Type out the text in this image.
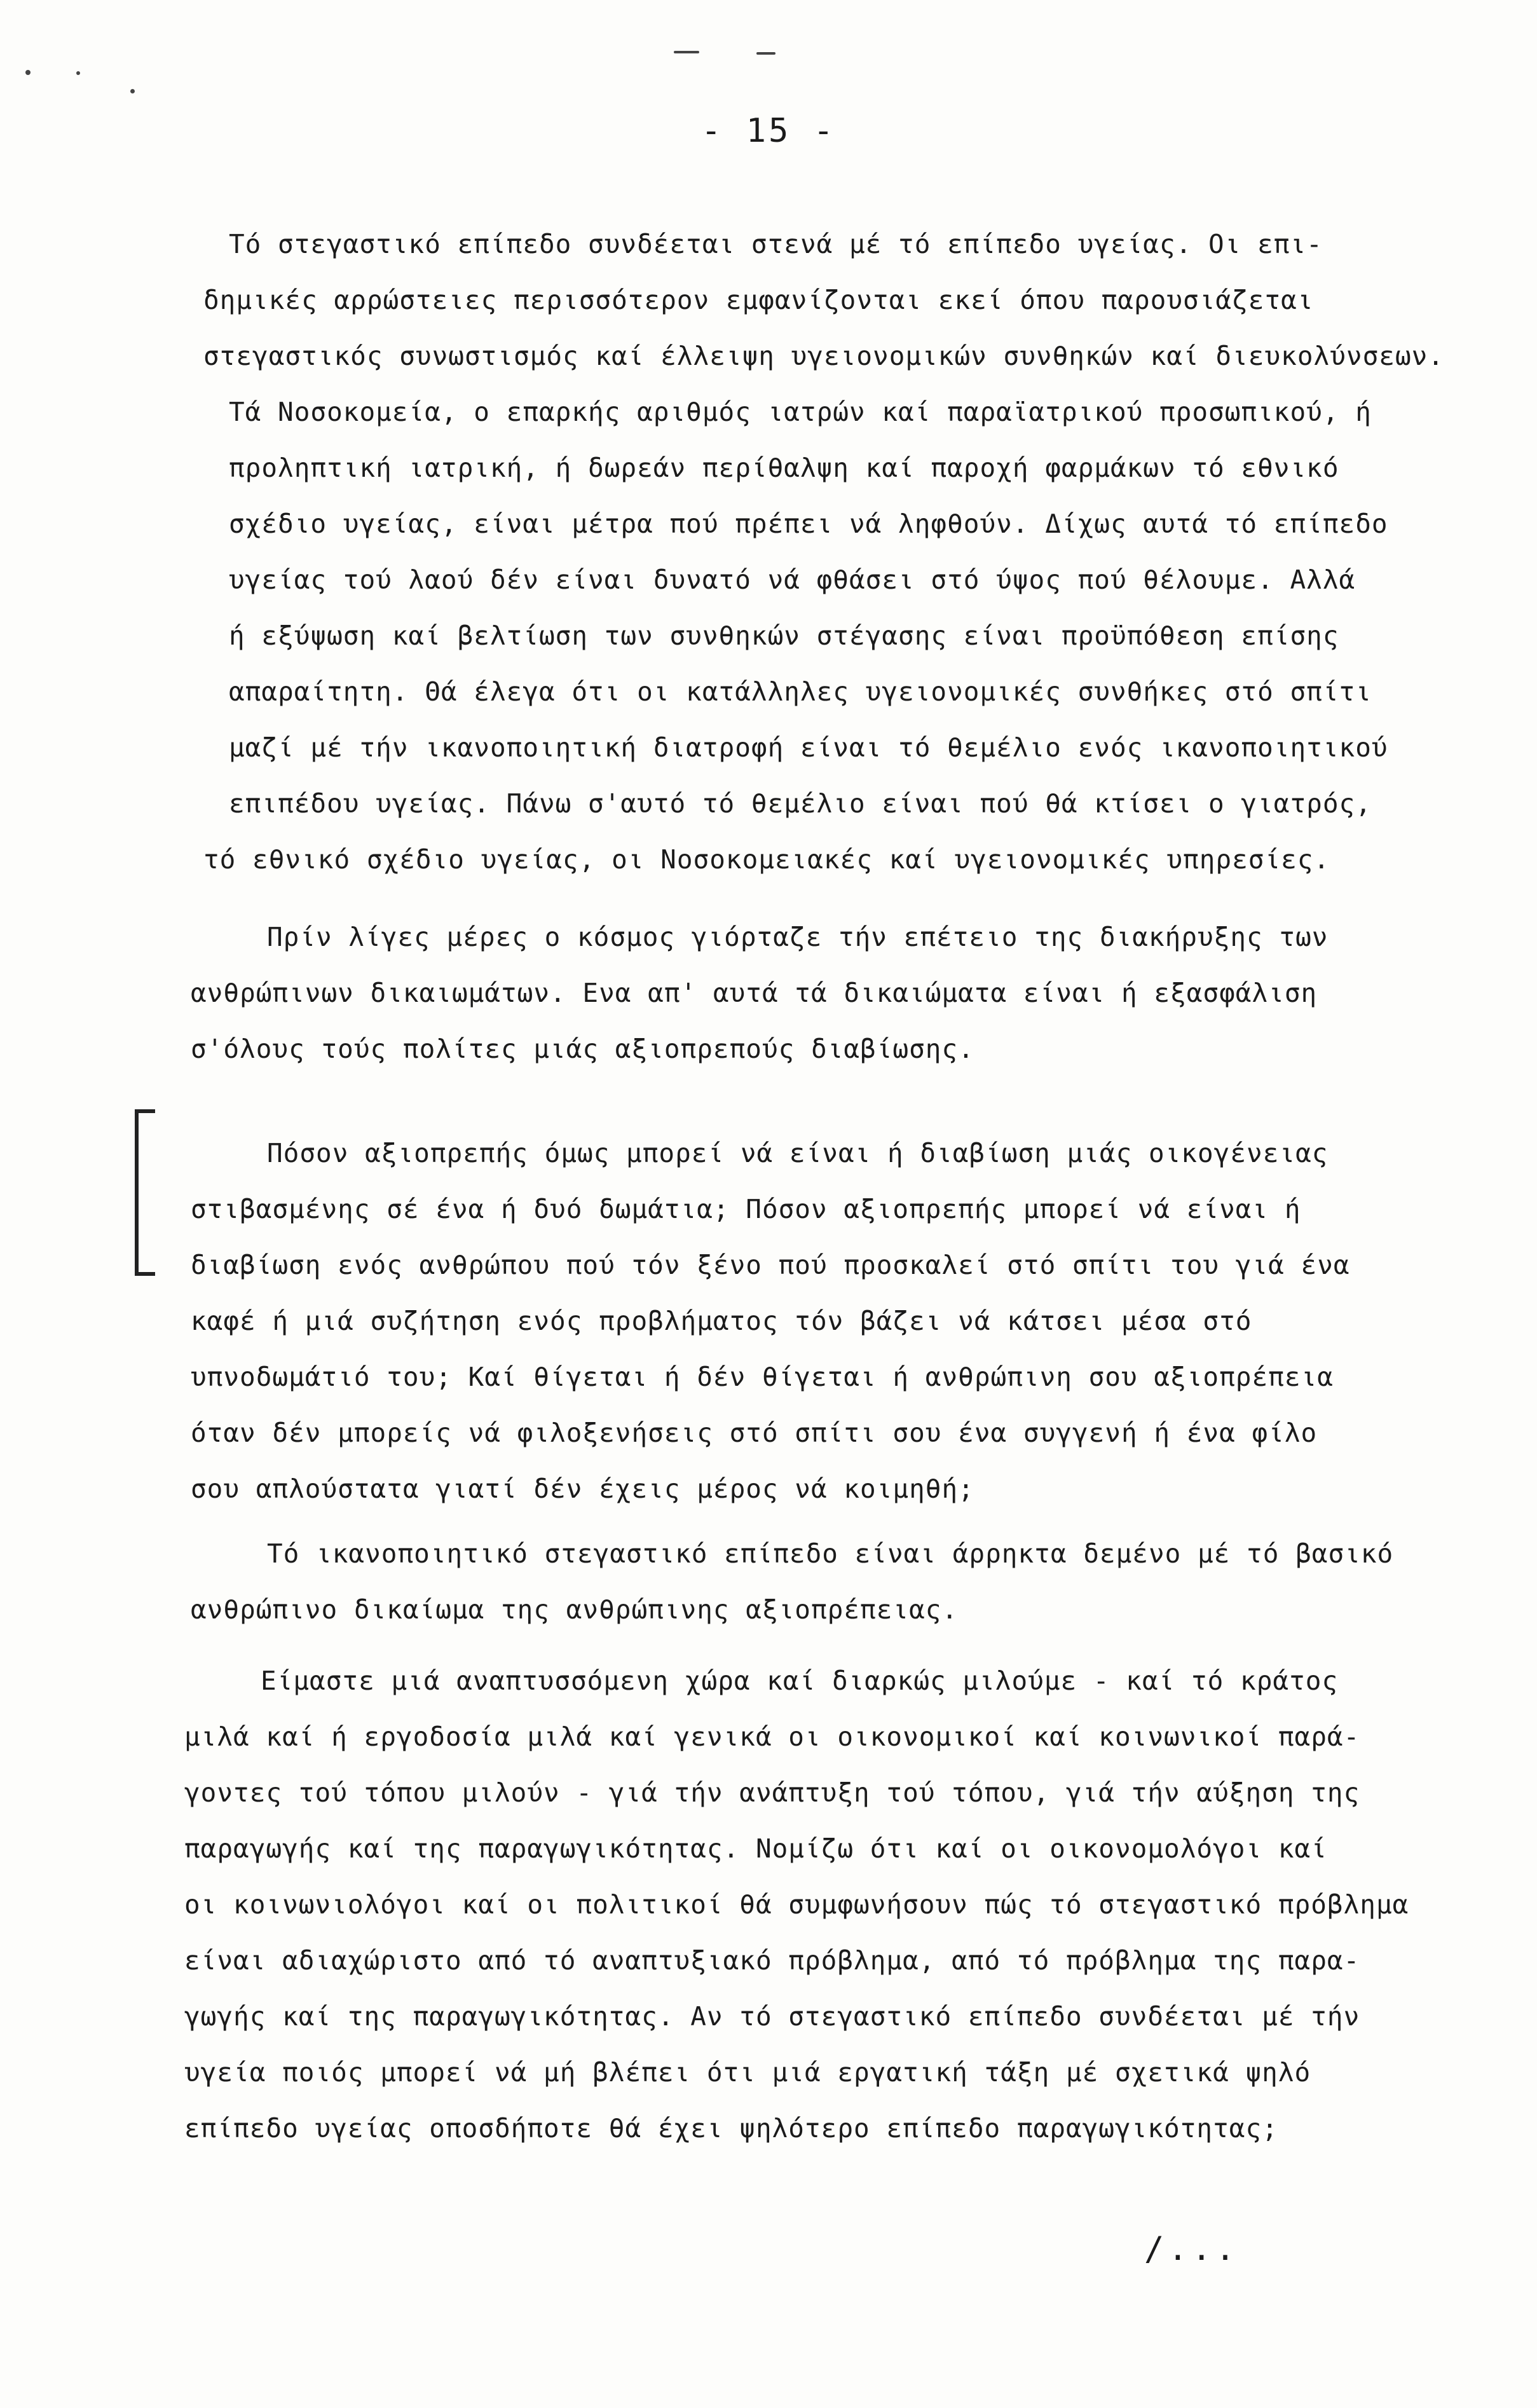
- 15 -
Τό στεγαστικό επίπεδο συνδέεται στενά μέ τό επίπεδο υγείας. Οι επι-
δημικές αρρώστειες περισσότερον εμφανίζονται εκεί όπου παρουσιάζεται
στεγαστικός συνωστισμός καί έλλειψη υγειονομικών συνθηκών καί διευκολύνσεων.
Τά Νοσοκομεία, ο επαρκής αριθμός ιατρών καί παραϊατρικού προσωπικού, ή
προληπτική ιατρική, ή δωρεάν περίθαλψη καί παροχή φαρμάκων τό εθνικό
σχέδιο υγείας, είναι μέτρα πού πρέπει νά ληφθούν. Δίχως αυτά τό επίπεδο
υγείας τού λαού δέν είναι δυνατό νά φθάσει στό ύψος πού θέλουμε. Αλλά
ή εξύψωση καί βελτίωση των συνθηκών στέγασης είναι προϋπόθεση επίσης
απαραίτητη. Θά έλεγα ότι οι κατάλληλες υγειονομικές συνθήκες στό σπίτι
μαζί μέ τήν ικανοποιητική διατροφή είναι τό θεμέλιο ενός ικανοποιητικού
επιπέδου υγείας. Πάνω σ'αυτό τό θεμέλιο είναι πού θά κτίσει ο γιατρός,
τό εθνικό σχέδιο υγείας, οι Νοσοκομειακές καί υγειονομικές υπηρεσίες.
Πρίν λίγες μέρες ο κόσμος γιόρταζε τήν επέτειο της διακήρυξης των
ανθρώπινων δικαιωμάτων. Ενα απ' αυτά τά δικαιώματα είναι ή εξασφάλιση
σ'όλους τούς πολίτες μιάς αξιοπρεπούς διαβίωσης.
Πόσον αξιοπρεπής όμως μπορεί νά είναι ή διαβίωση μιάς οικογένειας
στιβασμένης σέ ένα ή δυό δωμάτια; Πόσον αξιοπρεπής μπορεί νά είναι ή
διαβίωση ενός ανθρώπου πού τόν ξένο πού προσκαλεί στό σπίτι του γιά ένα
καφέ ή μιά συζήτηση ενός προβλήματος τόν βάζει νά κάτσει μέσα στό
υπνοδωμάτιό του; Καί θίγεται ή δέν θίγεται ή ανθρώπινη σου αξιοπρέπεια
όταν δέν μπορείς νά φιλοξενήσεις στό σπίτι σου ένα συγγενή ή ένα φίλο
σου απλούστατα γιατί δέν έχεις μέρος νά κοιμηθή;
Τό ικανοποιητικό στεγαστικό επίπεδο είναι άρρηκτα δεμένο μέ τό βασικό
ανθρώπινο δικαίωμα της ανθρώπινης αξιοπρέπειας.
Είμαστε μιά αναπτυσσόμενη χώρα καί διαρκώς μιλούμε - καί τό κράτος
μιλά καί ή εργοδοσία μιλά καί γενικά οι οικονομικοί καί κοινωνικοί παρά-
γοντες τού τόπου μιλούν - γιά τήν ανάπτυξη τού τόπου, γιά τήν αύξηση της
παραγωγής καί της παραγωγικότητας. Νομίζω ότι καί οι οικονομολόγοι καί
οι κοινωνιολόγοι καί οι πολιτικοί θά συμφωνήσουν πώς τό στεγαστικό πρόβλημα
είναι αδιαχώριστο από τό αναπτυξιακό πρόβλημα, από τό πρόβλημα της παρα-
γωγής καί της παραγωγικότητας. Αν τό στεγαστικό επίπεδο συνδέεται μέ τήν
υγεία ποιός μπορεί νά μή βλέπει ότι μιά εργατική τάξη μέ σχετικά ψηλό
επίπεδο υγείας οποσδήποτε θά έχει ψηλότερο επίπεδο παραγωγικότητας;
/...
